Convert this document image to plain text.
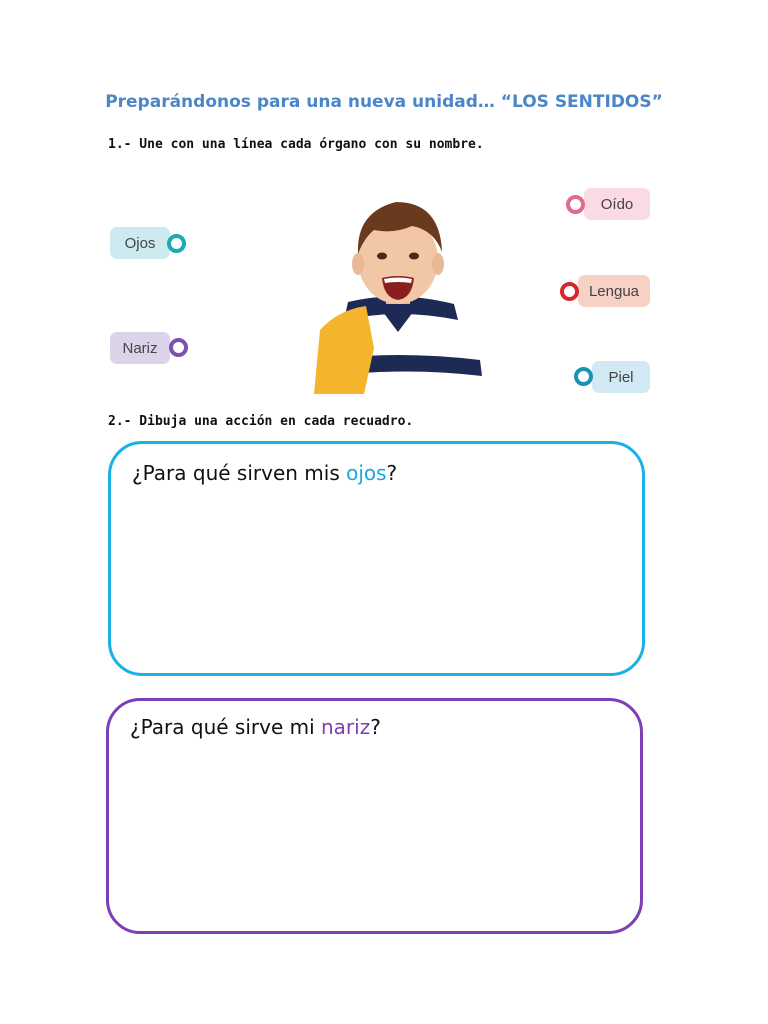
Preparándonos para una nueva unidad… “LOS SENTIDOS”
1.- Une con una línea cada órgano con su nombre.
Ojos
Nariz
Oído
Lengua
Piel
2.- Dibuja una acción en cada recuadro.
¿Para qué sirven mis ojos?
¿Para qué sirve mi nariz?
